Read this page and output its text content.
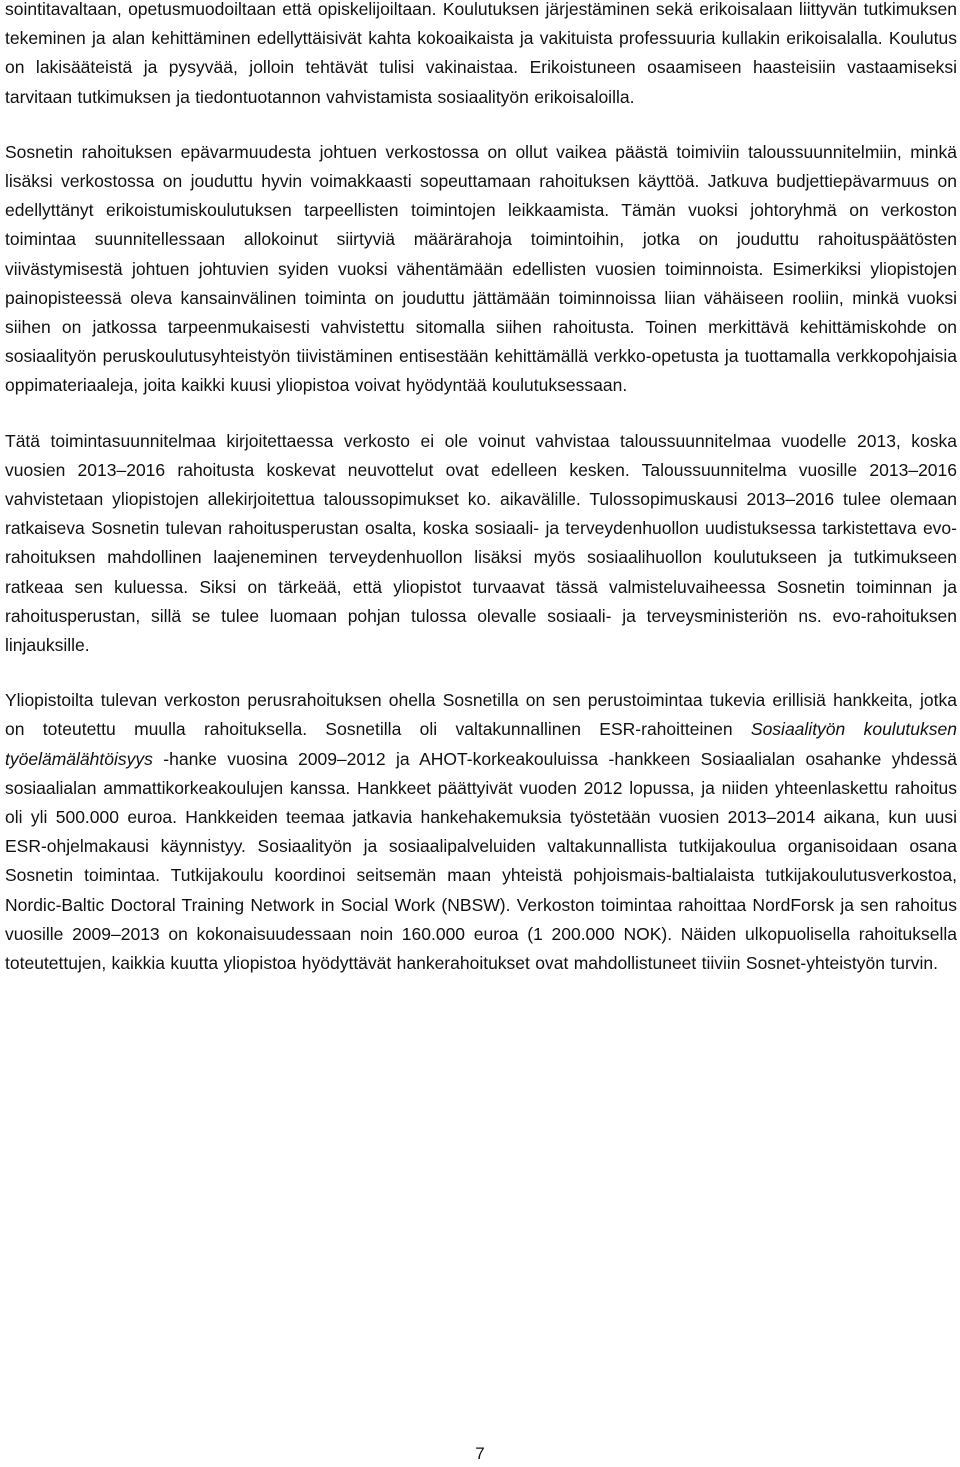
sointitavaltaan, opetusmuodoiltaan että opiskelijoiltaan. Koulutuksen järjestäminen sekä erikoisalaan liittyvän tutkimuksen tekeminen ja alan kehittäminen edellyttäisivät kahta kokoaikaista ja vakituista professuuria kullakin erikoisalalla. Koulutus on lakisääteistä ja pysyvää, jolloin tehtävät tulisi vakinaistaa. Erikoistuneen osaamiseen haasteisiin vastaamiseksi tarvitaan tutkimuksen ja tiedontuotannon vahvistamista sosiaalityön erikoisaloilla.

Sosnetin rahoituksen epävarmuudesta johtuen verkostossa on ollut vaikea päästä toimiviin taloussuunnitelmiin, minkä lisäksi verkostossa on jouduttu hyvin voimakkaasti sopeuttamaan rahoituksen käyttöä. Jatkuva budjettiepävarmuus on edellyttänyt erikoistumiskoulutuksen tarpeellisten toimintojen leikkaamista. Tämän vuoksi johtoryhmä on verkoston toimintaa suunnitellessaan allokoinut siirtyviä määrärahoja toimintoihin, jotka on jouduttu rahoituspäätösten viivästymisestä johtuen johtuvien syiden vuoksi vähentämään edellisten vuosien toiminnoista. Esimerkiksi yliopistojen painopisteessä oleva kansainvälinen toiminta on jouduttu jättämään toiminnoissa liian vähäiseen rooliin, minkä vuoksi siihen on jatkossa tarpeenmukaisesti vahvistettu sitomalla siihen rahoitusta. Toinen merkittävä kehittämiskohde on sosiaalityön peruskoulutusyhteistyön tiivistäminen entisestään kehittämällä verkko-opetusta ja tuottamalla verkkopohjaisia oppimateriaaleja, joita kaikki kuusi yliopistoa voivat hyödyntää koulutuksessaan.

Tätä toimintasuunnitelmaa kirjoitettaessa verkosto ei ole voinut vahvistaa taloussuunnitelmaa vuodelle 2013, koska vuosien 2013–2016 rahoitusta koskevat neuvottelut ovat edelleen kesken. Taloussuunnitelma vuosille 2013–2016 vahvistetaan yliopistojen allekirjoitettua taloussopimukset ko. aikavälille. Tulossopimuskausi 2013–2016 tulee olemaan ratkaiseva Sosnetin tulevan rahoitusperustan osalta, koska sosiaali- ja terveydenhuollon uudistuksessa tarkistettava evo-rahoituksen mahdollinen laajeneminen terveydenhuollon lisäksi myös sosiaalihuollon koulutukseen ja tutkimukseen ratkeaa sen kuluessa. Siksi on tärkeää, että yliopistot turvaavat tässä valmisteluvaiheessa Sosnetin toiminnan ja rahoitusperustan, sillä se tulee luomaan pohjan tulossa olevalle sosiaali- ja terveysministeriön ns. evo-rahoituksen linjauksille.

Yliopistoilta tulevan verkoston perusrahoituksen ohella Sosnetilla on sen perustoimintaa tukevia erillisiä hankkeita, jotka on toteutettu muulla rahoituksella. Sosnetilla oli valtakunnallinen ESR-rahoitteinen Sosiaalityön koulutuksen työelämälähtöisyys -hanke vuosina 2009–2012 ja AHOT-korkeakouluissa -hankkeen Sosiaalialan osahanke yhdessä sosiaalialan ammattikorkeakoulujen kanssa. Hankkeet päättyivät vuoden 2012 lopussa, ja niiden yhteenlaskettu rahoitus oli yli 500.000 euroa. Hankkeiden teemaa jatkavia hankehakemuksia työstetään vuosien 2013–2014 aikana, kun uusi ESR-ohjelmakausi käynnistyy. Sosiaalityön ja sosiaalipalveluiden valtakunnallista tutkijakoulua organisoidaan osana Sosnetin toimintaa. Tutkijakoulu koordinoi seitsemän maan yhteistä pohjoismais-baltialaista tutkijakoulutusverkostoa, Nordic-Baltic Doctoral Training Network in Social Work (NBSW). Verkoston toimintaa rahoittaa NordForsk ja sen rahoitus vuosille 2009–2013 on kokonaisuudessaan noin 160.000 euroa (1 200.000 NOK). Näiden ulkopuolisella rahoituksella toteutettujen, kaikkia kuutta yliopistoa hyödyttävät hankerahoitukset ovat mahdollistuneet tiiviin Sosnet-yhteistyön turvin.

7
